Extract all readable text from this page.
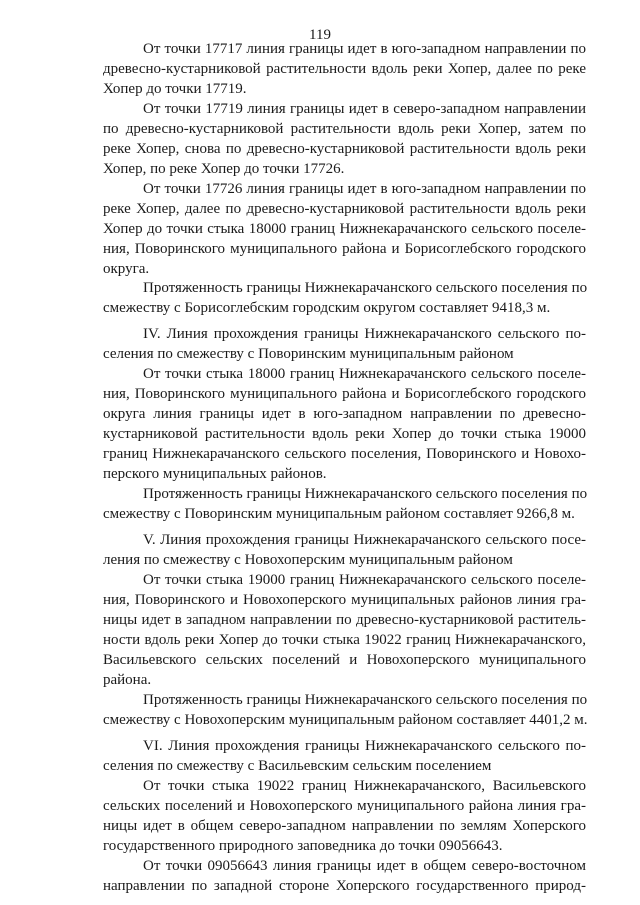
119
От точки 17717 линия границы идет в юго-западном направлении по
древесно-кустарниковой растительности вдоль реки Хопер, далее по реке
Хопер до точки 17719.
От точки 17719 линия границы идет в северо-западном направлении
по древесно-кустарниковой растительности вдоль реки Хопер, затем по
реке Хопер, снова по древесно-кустарниковой растительности вдоль реки
Хопер, по реке Хопер до точки 17726.
От точки 17726 линия границы идет в юго-западном направлении по
реке Хопер, далее по древесно-кустарниковой растительности вдоль реки
Хопер до точки стыка 18000 границ Нижнекарачанского сельского поселе-
ния, Поворинского муниципального района и Борисоглебского городского
округа.
Протяженность границы Нижнекарачанского сельского поселения по
смежеству с Борисоглебским городским округом составляет 9418,3 м.
IV. Линия прохождения границы Нижнекарачанского сельского по-
селения по смежеству с Поворинским муниципальным районом
От точки стыка 18000 границ Нижнекарачанского сельского поселе-
ния, Поворинского муниципального района и Борисоглебского городского
округа линия границы идет в юго-западном направлении по древесно-
кустарниковой растительности вдоль реки Хопер до точки стыка 19000
границ Нижнекарачанского сельского поселения, Поворинского и Новохо-
перского муниципальных районов.
Протяженность границы Нижнекарачанского сельского поселения по
смежеству с Поворинским муниципальным районом составляет 9266,8 м.
V. Линия прохождения границы Нижнекарачанского сельского посе-
ления по смежеству с Новохоперским муниципальным районом
От точки стыка 19000 границ Нижнекарачанского сельского поселе-
ния, Поворинского и Новохоперского муниципальных районов линия гра-
ницы идет в западном направлении по древесно-кустарниковой раститель-
ности вдоль реки Хопер до точки стыка 19022 границ Нижнекарачанского,
Васильевского сельских поселений и Новохоперского муниципального
района.
Протяженность границы Нижнекарачанского сельского поселения по
смежеству с Новохоперским муниципальным районом составляет 4401,2 м.
VI. Линия прохождения границы Нижнекарачанского сельского по-
селения по смежеству с Васильевским сельским поселением
От точки стыка 19022 границ Нижнекарачанского, Васильевского
сельских поселений и Новохоперского муниципального района линия гра-
ницы идет в общем северо-западном направлении по землям Хоперского
государственного природного заповедника до точки 09056643.
От точки 09056643 линия границы идет в общем северо-восточном
направлении по западной стороне Хоперского государственного природ-
